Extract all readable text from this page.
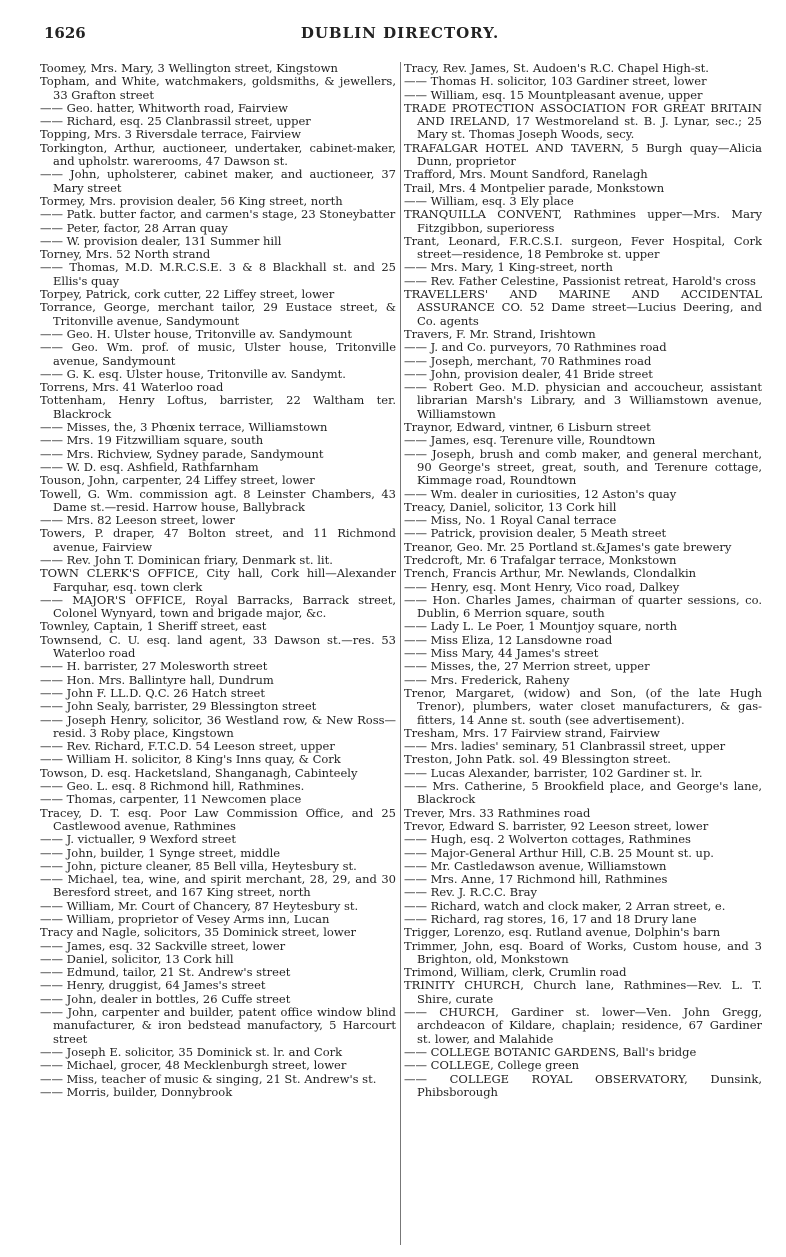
1626	DUBLIN DIRECTORY.

Toomey, Mrs. Mary, 3 Wellington street, Kingstown

Topham, and White, watchmakers, goldsmiths, & jewellers, 33 Grafton street

—— Geo. hatter, Whitworth road, Fairview

—— Richard, esq. 25 Clanbrassil street, upper

Topping, Mrs. 3 Riversdale terrace, Fairview

Torkington, Arthur, auctioneer, undertaker, cabinet-maker, and upholstr. warerooms, 47 Dawson st.

—— John, upholsterer, cabinet maker, and auctioneer, 37 Mary street

Tormey, Mrs. provision dealer, 56 King street, north

—— Patk. butter factor, and carmen's stage, 23 Stoneybatter

—— Peter, factor, 28 Arran quay

—— W. provision dealer, 131 Summer hill

Torney, Mrs. 52 North strand

—— Thomas, M.D. M.R.C.S.E. 3 & 8 Blackhall st. and 25 Ellis's quay

Torpey, Patrick, cork cutter, 22 Liffey street, lower

Torrance, George, merchant tailor, 29 Eustace street, & Tritonville avenue, Sandymount

—— Geo. H. Ulster house, Tritonville av. Sandymount

—— Geo. Wm. prof. of music, Ulster house, Tritonville avenue, Sandymount

—— G. K. esq. Ulster house, Tritonville av. Sandymt.

Torrens, Mrs. 41 Waterloo road

Tottenham, Henry Loftus, barrister, 22 Waltham ter. Blackrock

—— Misses, the, 3 Phœnix terrace, Williamstown

—— Mrs. 19 Fitzwilliam square, south

—— Mrs. Richview, Sydney parade, Sandymount

—— W. D. esq. Ashfield, Rathfarnham

Touson, John, carpenter, 24 Liffey street, lower

Towell, G. Wm. commission agt. 8 Leinster Chambers, 43 Dame st.—resid. Harrow house, Ballybrack

—— Mrs. 82 Leeson street, lower

Towers, P. draper, 47 Bolton street, and 11 Richmond avenue, Fairview

—— Rev. John T. Dominican friary, Denmark st. lit.

TOWN CLERK'S OFFICE, City hall, Cork hill—Alexander Farquhar, esq. town clerk

—— MAJOR'S OFFICE, Royal Barracks, Barrack street, Colonel Wynyard, town and brigade major, &c.

Townley, Captain, 1 Sheriff street, east

Townsend, C. U. esq. land agent, 33 Dawson st.—res. 53 Waterloo road

—— H. barrister, 27 Molesworth street

—— Hon. Mrs. Ballintyre hall, Dundrum

—— John F. LL.D. Q.C. 26 Hatch street

—— John Sealy, barrister, 29 Blessington street

—— Joseph Henry, solicitor, 36 Westland row, & New Ross—resid. 3 Roby place, Kingstown

—— Rev. Richard, F.T.C.D. 54 Leeson street, upper

—— William H. solicitor, 8 King's Inns quay, & Cork

Towson, D. esq. Hacketsland, Shanganagh, Cabinteely

—— Geo. L. esq. 8 Richmond hill, Rathmines.

—— Thomas, carpenter, 11 Newcomen place

Tracey, D. T. esq. Poor Law Commission Office, and 25 Castlewood avenue, Rathmines

—— J. victualler, 9 Wexford street

—— John, builder, 1 Synge street, middle

—— John, picture cleaner, 85 Bell villa, Heytesbury st.

—— Michael, tea, wine, and spirit merchant, 28, 29, and 30 Beresford street, and 167 King street, north

—— William, Mr. Court of Chancery, 87 Heytesbury st.

—— William, proprietor of Vesey Arms inn, Lucan

Tracy and Nagle, solicitors, 35 Dominick street, lower

—— James, esq. 32 Sackville street, lower

—— Daniel, solicitor, 13 Cork hill

—— Edmund, tailor, 21 St. Andrew's street

—— Henry, druggist, 64 James's street

—— John, dealer in bottles, 26 Cuffe street

—— John, carpenter and builder, patent office window blind manufacturer, & iron bedstead manufactory, 5 Harcourt street

—— Joseph E. solicitor, 35 Dominick st. lr. and Cork

—— Michael, grocer, 48 Mecklenburgh street, lower

—— Miss, teacher of music & singing, 21 St. Andrew's st.

—— Morris, builder, Donnybrook

Tracy, Rev. James, St. Audoen's R.C. Chapel High-st.

—— Thomas H. solicitor, 103 Gardiner street, lower

—— William, esq. 15 Mountpleasant avenue, upper

TRADE PROTECTION ASSOCIATION FOR GREAT BRITAIN AND IRELAND, 17 Westmoreland st. B. J. Lynar, sec.; 25 Mary st. Thomas Joseph Woods, secy.

TRAFALGAR HOTEL AND TAVERN, 5 Burgh quay—Alicia Dunn, proprietor

Trafford, Mrs. Mount Sandford, Ranelagh

Trail, Mrs. 4 Montpelier parade, Monkstown

—— William, esq. 3 Ely place

TRANQUILLA CONVENT, Rathmines upper—Mrs. Mary Fitzgibbon, superioress

Trant, Leonard, F.R.C.S.I. surgeon, Fever Hospital, Cork street—residence, 18 Pembroke st. upper

—— Mrs. Mary, 1 King-street, north

—— Rev. Father Celestine, Passionist retreat, Harold's cross

TRAVELLERS' AND MARINE AND ACCIDENTAL ASSURANCE CO. 52 Dame street—Lucius Deering, and Co. agents

Travers, F. Mr. Strand, Irishtown

—— J. and Co. purveyors, 70 Rathmines road

—— Joseph, merchant, 70 Rathmines road

—— John, provision dealer, 41 Bride street

—— Robert Geo. M.D. physician and accoucheur, assistant librarian Marsh's Library, and 3 Williamstown avenue, Williamstown

Traynor, Edward, vintner, 6 Lisburn street

—— James, esq. Terenure ville, Roundtown

—— Joseph, brush and comb maker, and general merchant, 90 George's street, great, south, and Terenure cottage, Kimmage road, Roundtown

—— Wm. dealer in curiosities, 12 Aston's quay

Treacy, Daniel, solicitor, 13 Cork hill

—— Miss, No. 1 Royal Canal terrace

—— Patrick, provision dealer, 5 Meath street

Treanor, Geo. Mr. 25 Portland st.&James's gate brewery

Tredcroft, Mr. 6 Trafalgar terrace, Monkstown

Trench, Francis Arthur, Mr. Newlands, Clondalkin

—— Henry, esq. Mont Henry, Vico road, Dalkey

—— Hon. Charles James, chairman of quarter sessions, co. Dublin, 6 Merrion square, south

—— Lady L. Le Poer, 1 Mountjoy square, north

—— Miss Eliza, 12 Lansdowne road

—— Miss Mary, 44 James's street

—— Misses, the, 27 Merrion street, upper

—— Mrs. Frederick, Raheny

Trenor, Margaret, (widow) and Son, (of the late Hugh Trenor), plumbers, water closet manufacturers, & gas-fitters, 14 Anne st. south (see advertisement).

Tresham, Mrs. 17 Fairview strand, Fairview

—— Mrs. ladies' seminary, 51 Clanbrassil street, upper

Treston, John Patk. sol. 49 Blessington street.

—— Lucas Alexander, barrister, 102 Gardiner st. lr.

—— Mrs. Catherine, 5 Brookfield place, and George's lane, Blackrock

Trever, Mrs. 33 Rathmines road

Trevor, Edward S. barrister, 92 Leeson street, lower

—— Hugh, esq. 2 Wolverton cottages, Rathmines

—— Major-General Arthur Hill, C.B. 25 Mount st. up.

—— Mr. Castledawson avenue, Williamstown

—— Mrs. Anne, 17 Richmond hill, Rathmines

—— Rev. J. R.C.C. Bray

—— Richard, watch and clock maker, 2 Arran street, e.

—— Richard, rag stores, 16, 17 and 18 Drury lane

Trigger, Lorenzo, esq. Rutland avenue, Dolphin's barn

Trimmer, John, esq. Board of Works, Custom house, and 3 Brighton, old, Monkstown

Trimond, William, clerk, Crumlin road

TRINITY CHURCH, Church lane, Rathmines—Rev. L. T. Shire, curate

—— CHURCH, Gardiner st. lower—Ven. John Gregg, archdeacon of Kildare, chaplain; residence, 67 Gardiner st. lower, and Malahide

—— COLLEGE BOTANIC GARDENS, Ball's bridge

—— COLLEGE, College green

—— COLLEGE ROYAL OBSERVATORY, Dunsink, Phibsborough
